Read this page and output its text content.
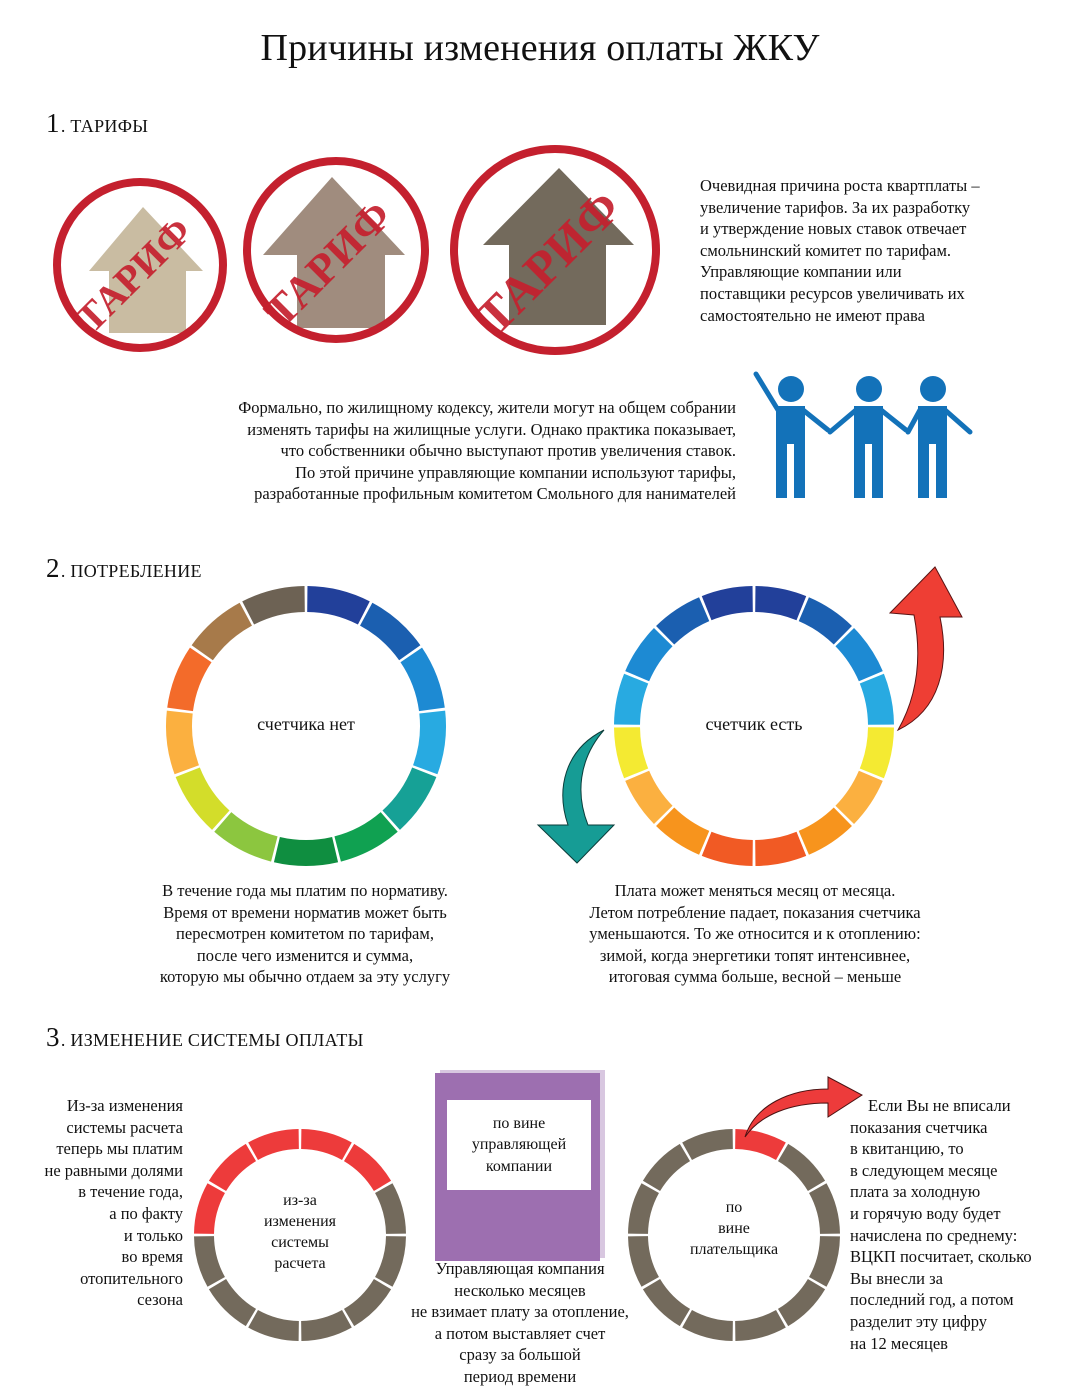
Причины изменения оплаты ЖКУ
1. ТАРИФЫ
2. ПОТРЕБЛЕНИЕ
3. ИЗМЕНЕНИЕ СИСТЕМЫ ОПЛАТЫ
ТАРИФ ТАРИФ ТАРИФ	Очевидная причина роста квартплаты –
увеличение тарифов. За их разработку
и утверждение новых ставок отвечает
смольнинский комитет по тарифам.
Управляющие компании или
поставщики ресурсов увеличивать их
самостоятельно не имеют права
Формально, по жилищному кодексу, жители могут на общем собрании
изменять тарифы на жилищные услуги. Однако практика показывает,
что собственники обычно выступают против увеличения ставок.
По этой причине управляющие компании используют тарифы,
разработанные профильным комитетом Смольного для нанимателей
счетчика нет	счетчик есть
В течение года мы платим по нормативу.
Время от времени норматив может быть
пересмотрен комитетом по тарифам,
после чего изменится и сумма,
которую мы обычно отдаем за эту услугу
Плата может меняться месяц от месяца.
Летом потребление падает, показания счетчика
уменьшаются. То же относится и к отоплению:
зимой, когда энергетики топят интенсивнее,
итоговая сумма больше, весной – меньше
Из-за изменения
системы расчета
теперь мы платим
не равными долями
в течение года,
а по факту
и только
во время
отопительного
сезона
из-за
изменения
системы
расчета
по вине
управляющей
компании
Управляющая компания
несколько месяцев
не взимает плату за отопление,
а потом выставляет счет
сразу за большой
период времени
по
вине
плательщика
Если Вы не вписали
показания счетчика
в квитанцию, то
в следующем месяце
плата за холодную
и горячую воду будет
начислена по среднему:
ВЦКП посчитает, сколько
Вы внесли за
последний год, а потом
разделит эту цифру
на 12 месяцев
